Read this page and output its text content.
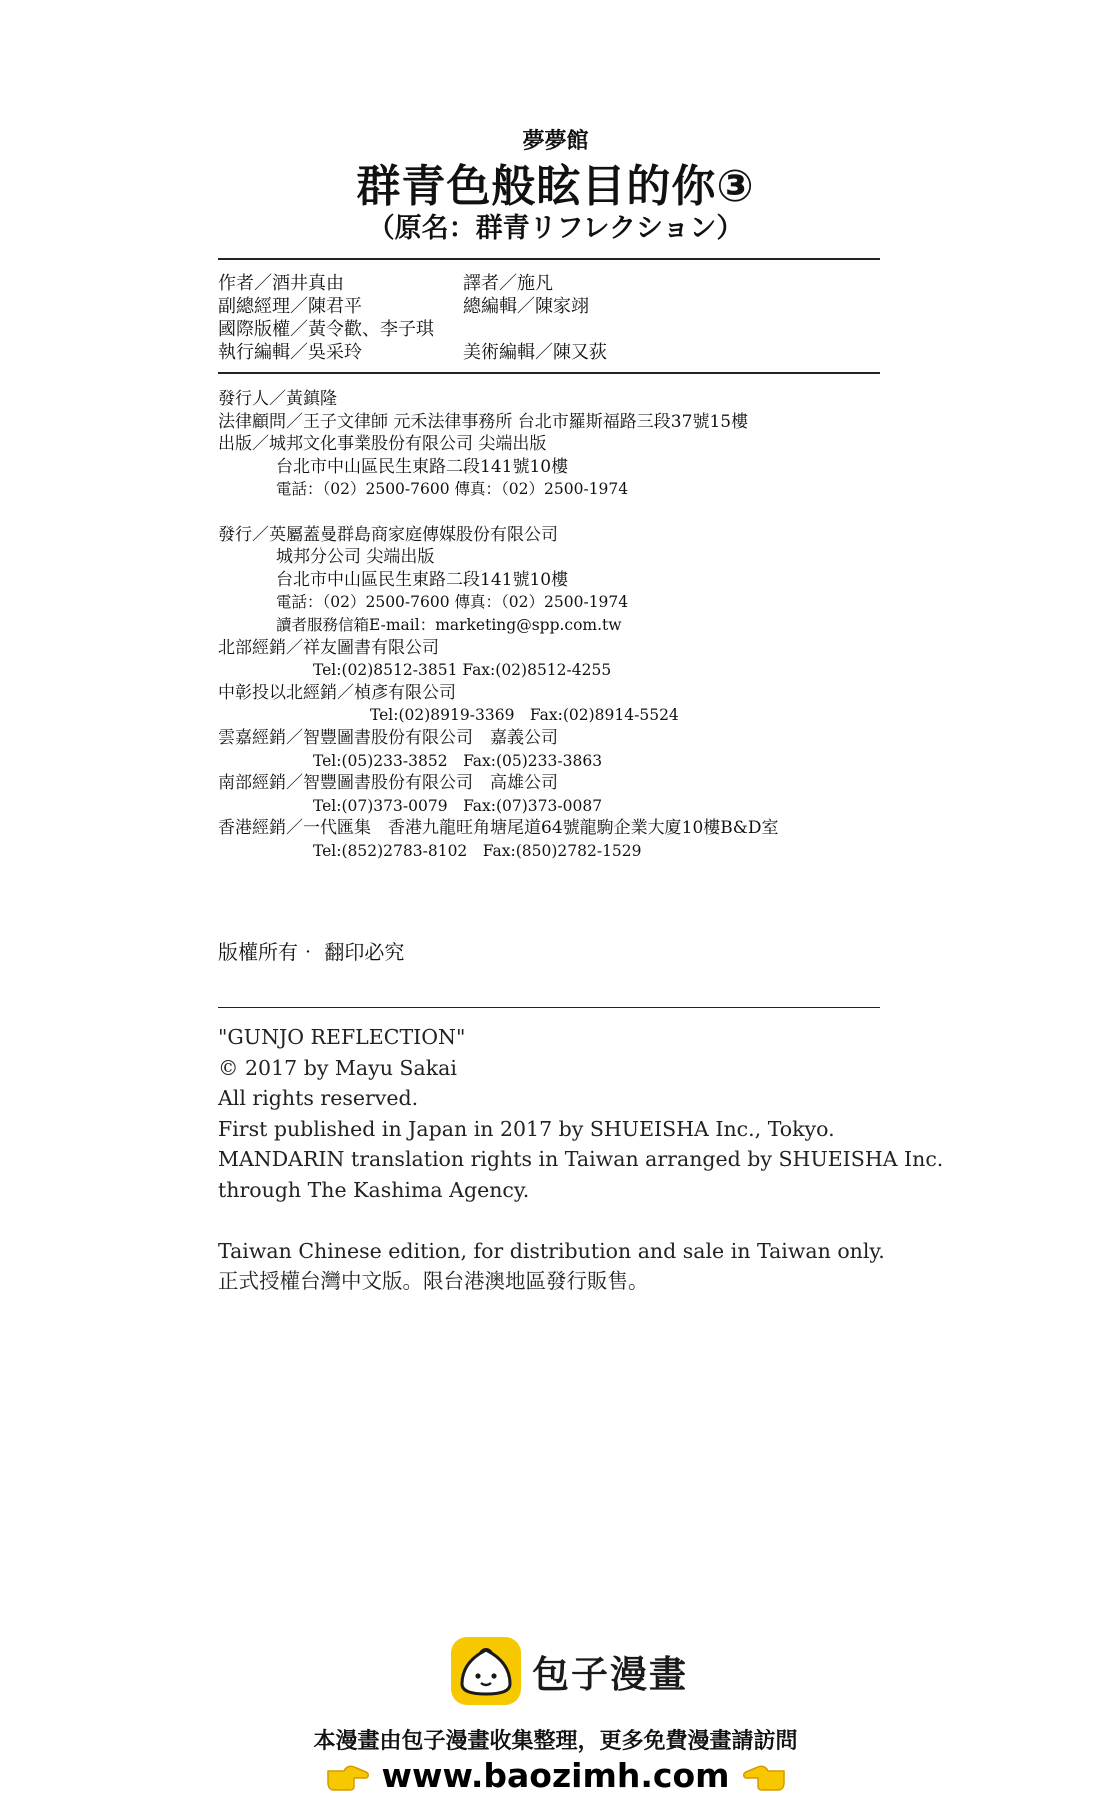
夢夢館
群青色般眩目的你③
（原名：群青リフレクション）
作者／酒井真由	譯者／施凡
副總經理／陳君平	總編輯／陳家翊
國際版權／黃令歡、李子琪
執行編輯／吳采玲	美術編輯／陳又荻
發行人／黃鎮隆
法律顧問／王子文律師 元禾法律事務所 台北市羅斯福路三段37號15樓
出版／城邦文化事業股份有限公司 尖端出版
台北市中山區民生東路二段141號10樓
電話：（02）2500-7600 傳真：（02）2500-1974
發行／英屬蓋曼群島商家庭傳媒股份有限公司
城邦分公司 尖端出版
台北市中山區民生東路二段141號10樓
電話：（02）2500-7600 傳真：（02）2500-1974
讀者服務信箱E-mail：marketing@spp.com.tw
北部經銷／祥友圖書有限公司
Tel:(02)8512-3851 Fax:(02)8512-4255
中彰投以北經銷／楨彥有限公司
Tel:(02)8919-3369　Fax:(02)8914-5524
雲嘉經銷／智豐圖書股份有限公司　嘉義公司
Tel:(05)233-3852　Fax:(05)233-3863
南部經銷／智豐圖書股份有限公司　高雄公司
Tel:(07)373-0079　Fax:(07)373-0087
香港經銷／一代匯集　香港九龍旺角塘尾道64號龍駒企業大廈10樓B&D室
Tel:(852)2783-8102　Fax:(850)2782-1529
版權所有‧ 翻印必究
"GUNJO REFLECTION"
© 2017 by Mayu Sakai
All rights reserved.
First published in Japan in 2017 by SHUEISHA Inc., Tokyo.
MANDARIN translation rights in Taiwan arranged by SHUEISHA Inc.
through The Kashima Agency.
Taiwan Chinese edition, for distribution and sale in Taiwan only.
正式授權台灣中文版。限台港澳地區發行販售。
包子漫畫
本漫畫由包子漫畫收集整理，更多免費漫畫請訪問
www.baozimh.com
